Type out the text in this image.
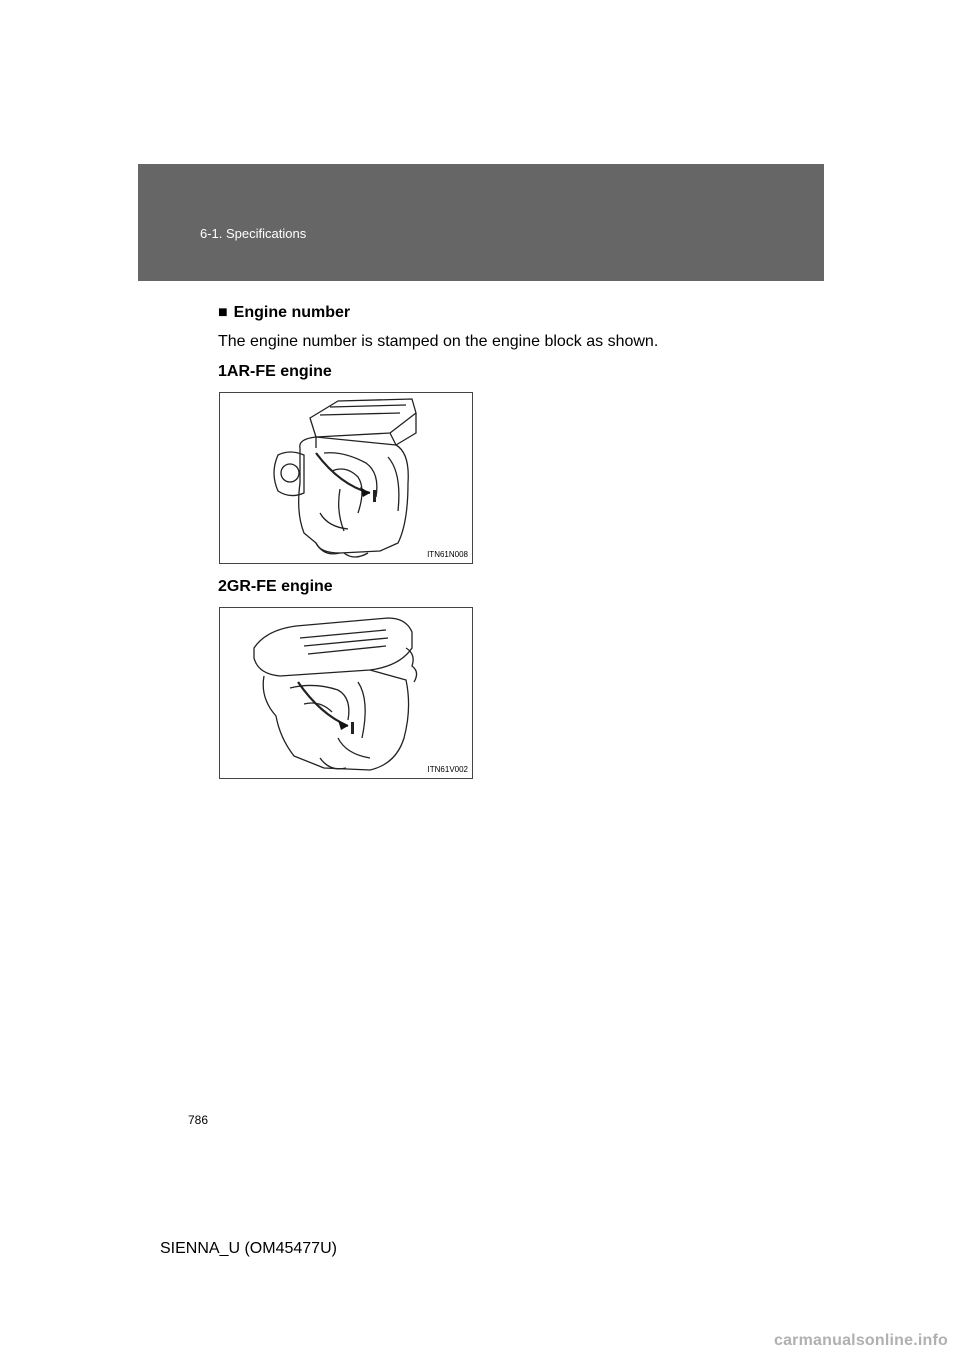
6-1. Specifications
■ Engine number
The engine number is stamped on the engine block as shown.
1AR-FE engine
ITN61N008
2GR-FE engine
ITN61V002
786
SIENNA_U (OM45477U)
carmanualsonline.info
